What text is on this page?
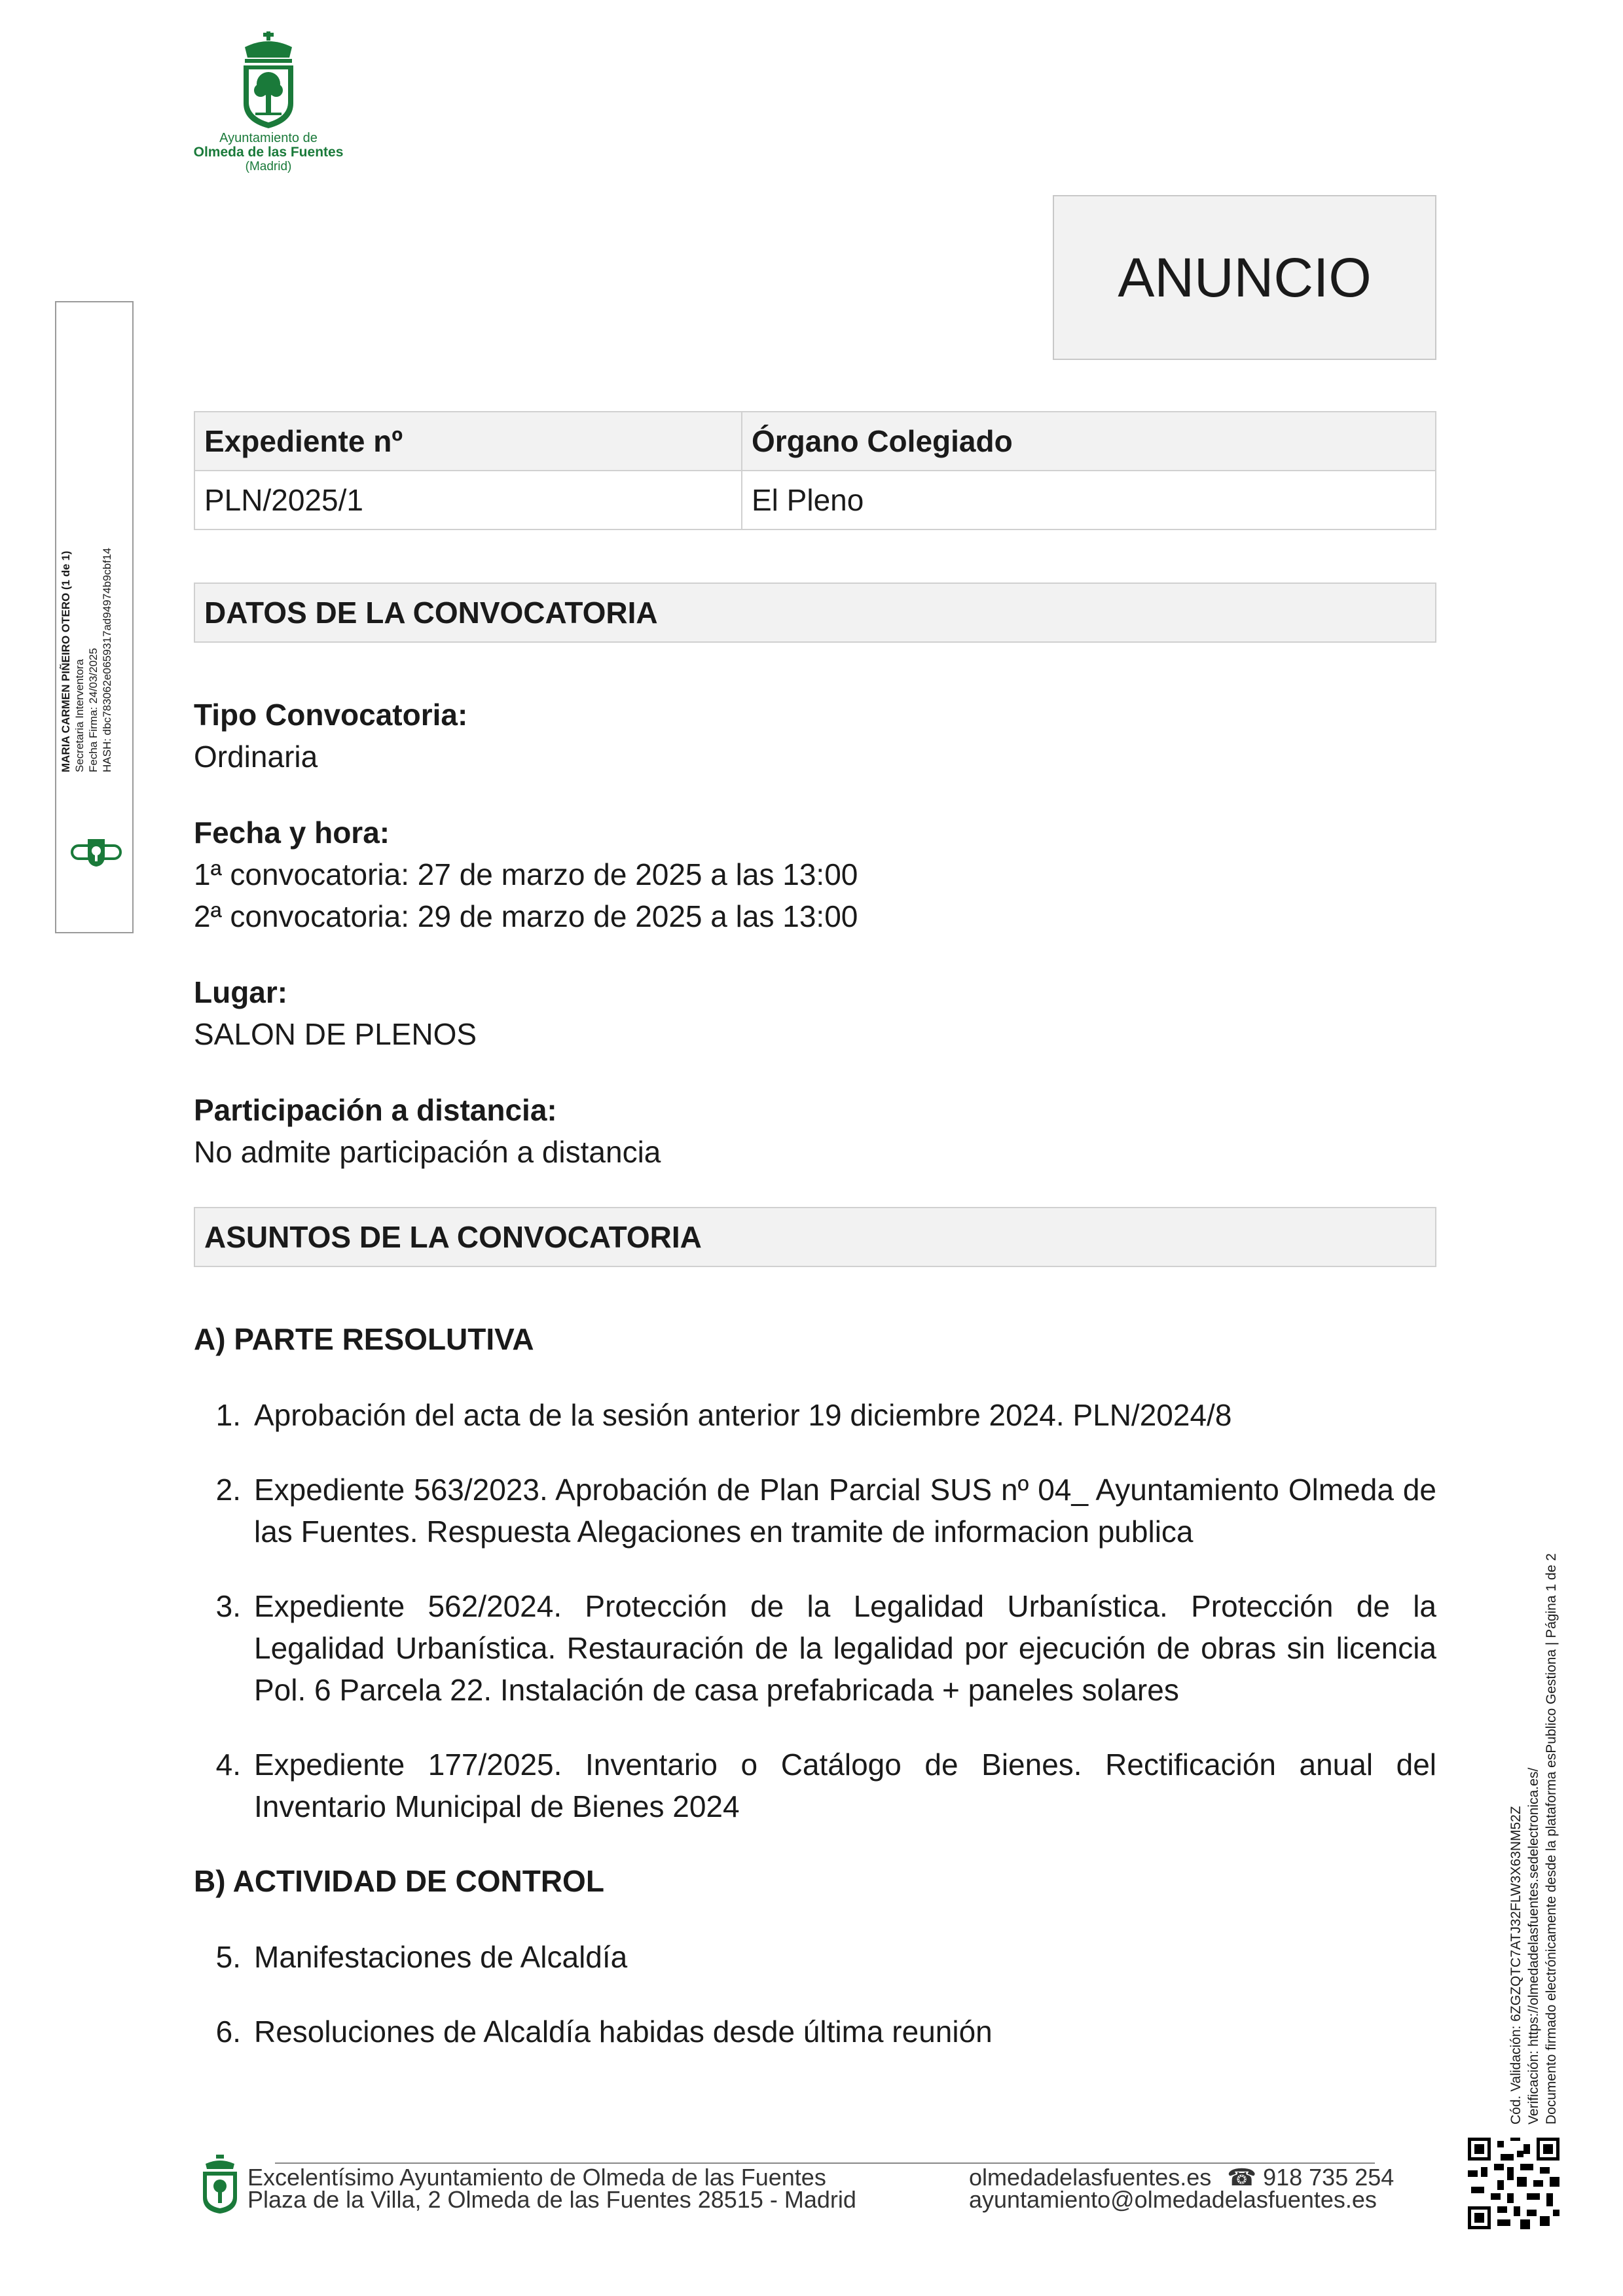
Ayuntamiento de
Olmeda de las Fuentes
(Madrid)
ANUNCIO
Expediente nº	Órgano Colegiado
PLN/2025/1	El Pleno
DATOS DE LA CONVOCATORIA
Tipo Convocatoria:
Ordinaria
Fecha y hora:
1ª convocatoria: 27 de marzo de 2025 a las 13:00
2ª convocatoria: 29 de marzo de 2025 a las 13:00
Lugar:
SALON DE PLENOS
Participación a distancia:
No admite participación a distancia
ASUNTOS DE LA CONVOCATORIA
A) PARTE RESOLUTIVA
1. Aprobación del acta de la sesión anterior 19 diciembre 2024. PLN/2024/8
2. Expediente 563/2023. Aprobación de Plan Parcial SUS nº 04_ Ayuntamiento Olmeda de las Fuentes. Respuesta Alegaciones en tramite de informacion publica
3. Expediente 562/2024. Protección de la Legalidad Urbanística. Protección de la Legalidad Urbanística. Restauración de la legalidad por ejecución de obras sin licencia Pol. 6 Parcela 22. Instalación de casa prefabricada + paneles solares
4. Expediente 177/2025. Inventario o Catálogo de Bienes. Rectificación anual del Inventario Municipal de Bienes 2024
B) ACTIVIDAD DE CONTROL
5. Manifestaciones de Alcaldía
6. Resoluciones de Alcaldía habidas desde última reunión
MARIA CARMEN PIÑEIRO OTERO (1 de 1) Secretaria Interventora Fecha Firma: 24/03/2025 HASH: dbc783062e0659317ad94974b9cbf14
Cód. Validación: 6ZGZQTC7ATJ32FLW3X63NM52Z Verificación: https://olmedadelasfuentes.sedelectronica.es/ Documento firmado electrónicamente desde la plataforma esPublico Gestiona | Página 1 de 2
Excelentísimo Ayuntamiento de Olmeda de las Fuentes
Plaza de la Villa, 2 Olmeda de las Fuentes 28515 - Madrid
olmedadelasfuentes.es ☎ 918 735 254
ayuntamiento@olmedadelasfuentes.es
